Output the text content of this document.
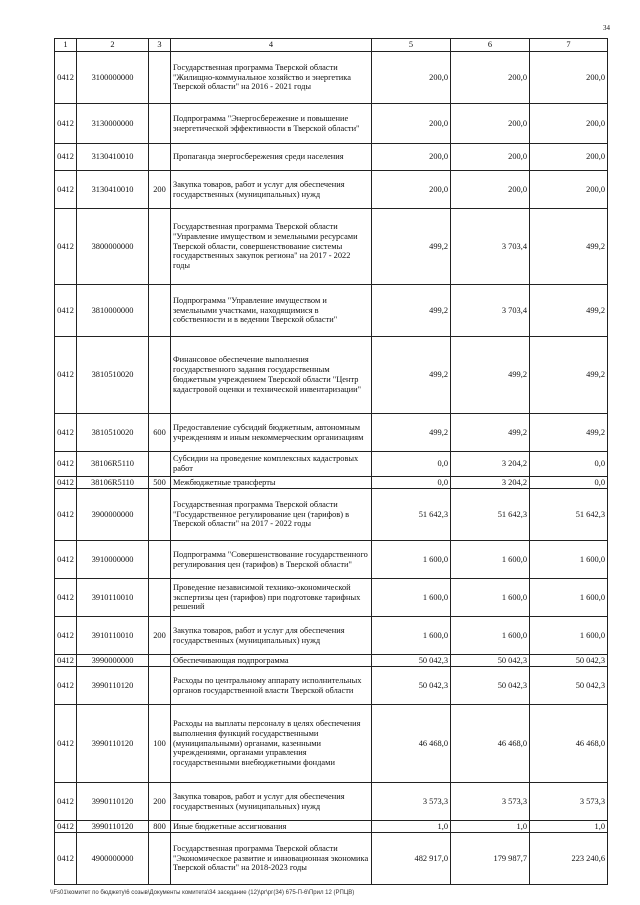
34
1	2	3	4	5	6	7
0412	3100000000		Государственная программа Тверской области "Жилищно-коммунальное хозяйство и энергетика Тверской области" на 2016 - 2021 годы	200,0	200,0	200,0
0412	3130000000		Подпрограмма "Энергосбережение и повышение энергетической эффективности в Тверской области"	200,0	200,0	200,0
0412	3130410010		Пропаганда энергосбережения среди населения	200,0	200,0	200,0
0412	3130410010	200	Закупка товаров, работ и услуг для обеспечения государственных (муниципальных) нужд	200,0	200,0	200,0
0412	3800000000		Государственная программа Тверской области "Управление имуществом и земельными ресурсами Тверской области, совершенствование системы государственных закупок региона" на 2017 - 2022 годы	499,2	3 703,4	499,2
0412	3810000000		Подпрограмма "Управление имуществом и земельными участками, находящимися в собственности и в ведении Тверской области"	499,2	3 703,4	499,2
0412	3810510020		Финансовое обеспечение выполнения государственного задания государственным бюджетным учреждением Тверской области "Центр кадастровой оценки и технической инвентаризации"	499,2	499,2	499,2
0412	3810510020	600	Предоставление субсидий бюджетным, автономным учреждениям и иным некоммерческим организациям	499,2	499,2	499,2
0412	38106R5110		Субсидии на проведение комплексных кадастровых работ	0,0	3 204,2	0,0
0412	38106R5110	500	Межбюджетные трансферты	0,0	3 204,2	0,0
0412	3900000000		Государственная программа Тверской области "Государственное регулирование цен (тарифов) в Тверской области" на 2017 - 2022 годы	51 642,3	51 642,3	51 642,3
0412	3910000000		Подпрограмма "Совершенствование государственного регулирования цен (тарифов) в Тверской области"	1 600,0	1 600,0	1 600,0
0412	3910110010		Проведение независимой технико-экономической экспертизы цен (тарифов) при подготовке тарифных решений	1 600,0	1 600,0	1 600,0
0412	3910110010	200	Закупка товаров, работ и услуг для обеспечения государственных (муниципальных) нужд	1 600,0	1 600,0	1 600,0
0412	3990000000		Обеспечивающая подпрограмма	50 042,3	50 042,3	50 042,3
0412	3990110120		Расходы по центральному аппарату исполнительных органов государственной власти Тверской области	50 042,3	50 042,3	50 042,3
0412	3990110120	100	Расходы на выплаты персоналу в целях обеспечения выполнения функций государственными (муниципальными) органами, казенными учреждениями, органами управления государственными внебюджетными фондами	46 468,0	46 468,0	46 468,0
0412	3990110120	200	Закупка товаров, работ и услуг для обеспечения государственных (муниципальных) нужд	3 573,3	3 573,3	3 573,3
0412	3990110120	800	Иные бюджетные ассигнования	1,0	1,0	1,0
0412	4900000000		Государственная программа Тверской области "Экономическое развитие и инновационная экономика Тверской области" на 2018-2023 годы	482 917,0	179 987,7	223 240,6
\\Fs01\комитет по бюджету\6 созыв\Документы комитета\34 заседание (12)\рг\рг(34) 675-П-6\Прил 12 (РПЦВ)
